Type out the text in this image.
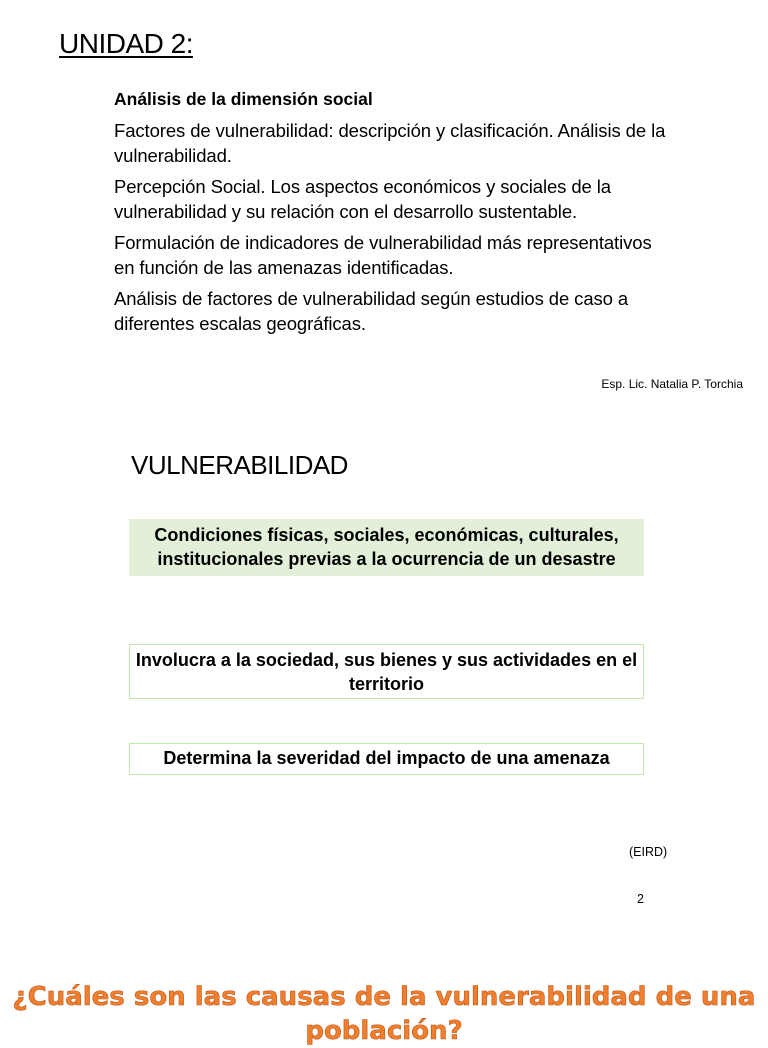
UNIDAD 2:

Análisis de la dimensión social

Factores de vulnerabilidad: descripción y clasificación. Análisis de la vulnerabilidad.

Percepción Social. Los aspectos económicos y sociales de la vulnerabilidad y su relación con el desarrollo sustentable.

Formulación de indicadores de vulnerabilidad más representativos en función de las amenazas identificadas.

Análisis de factores de vulnerabilidad según estudios de caso a diferentes escalas geográficas.

Esp. Lic. Natalia P. Torchia
VULNERABILIDAD
Condiciones físicas, sociales, económicas, culturales, institucionales previas a la ocurrencia de un desastre
Involucra a la sociedad, sus bienes y sus actividades en el territorio
Determina la severidad del impacto de una amenaza
(EIRD)
2

¿Cuáles son las causas de la vulnerabilidad de una población?
